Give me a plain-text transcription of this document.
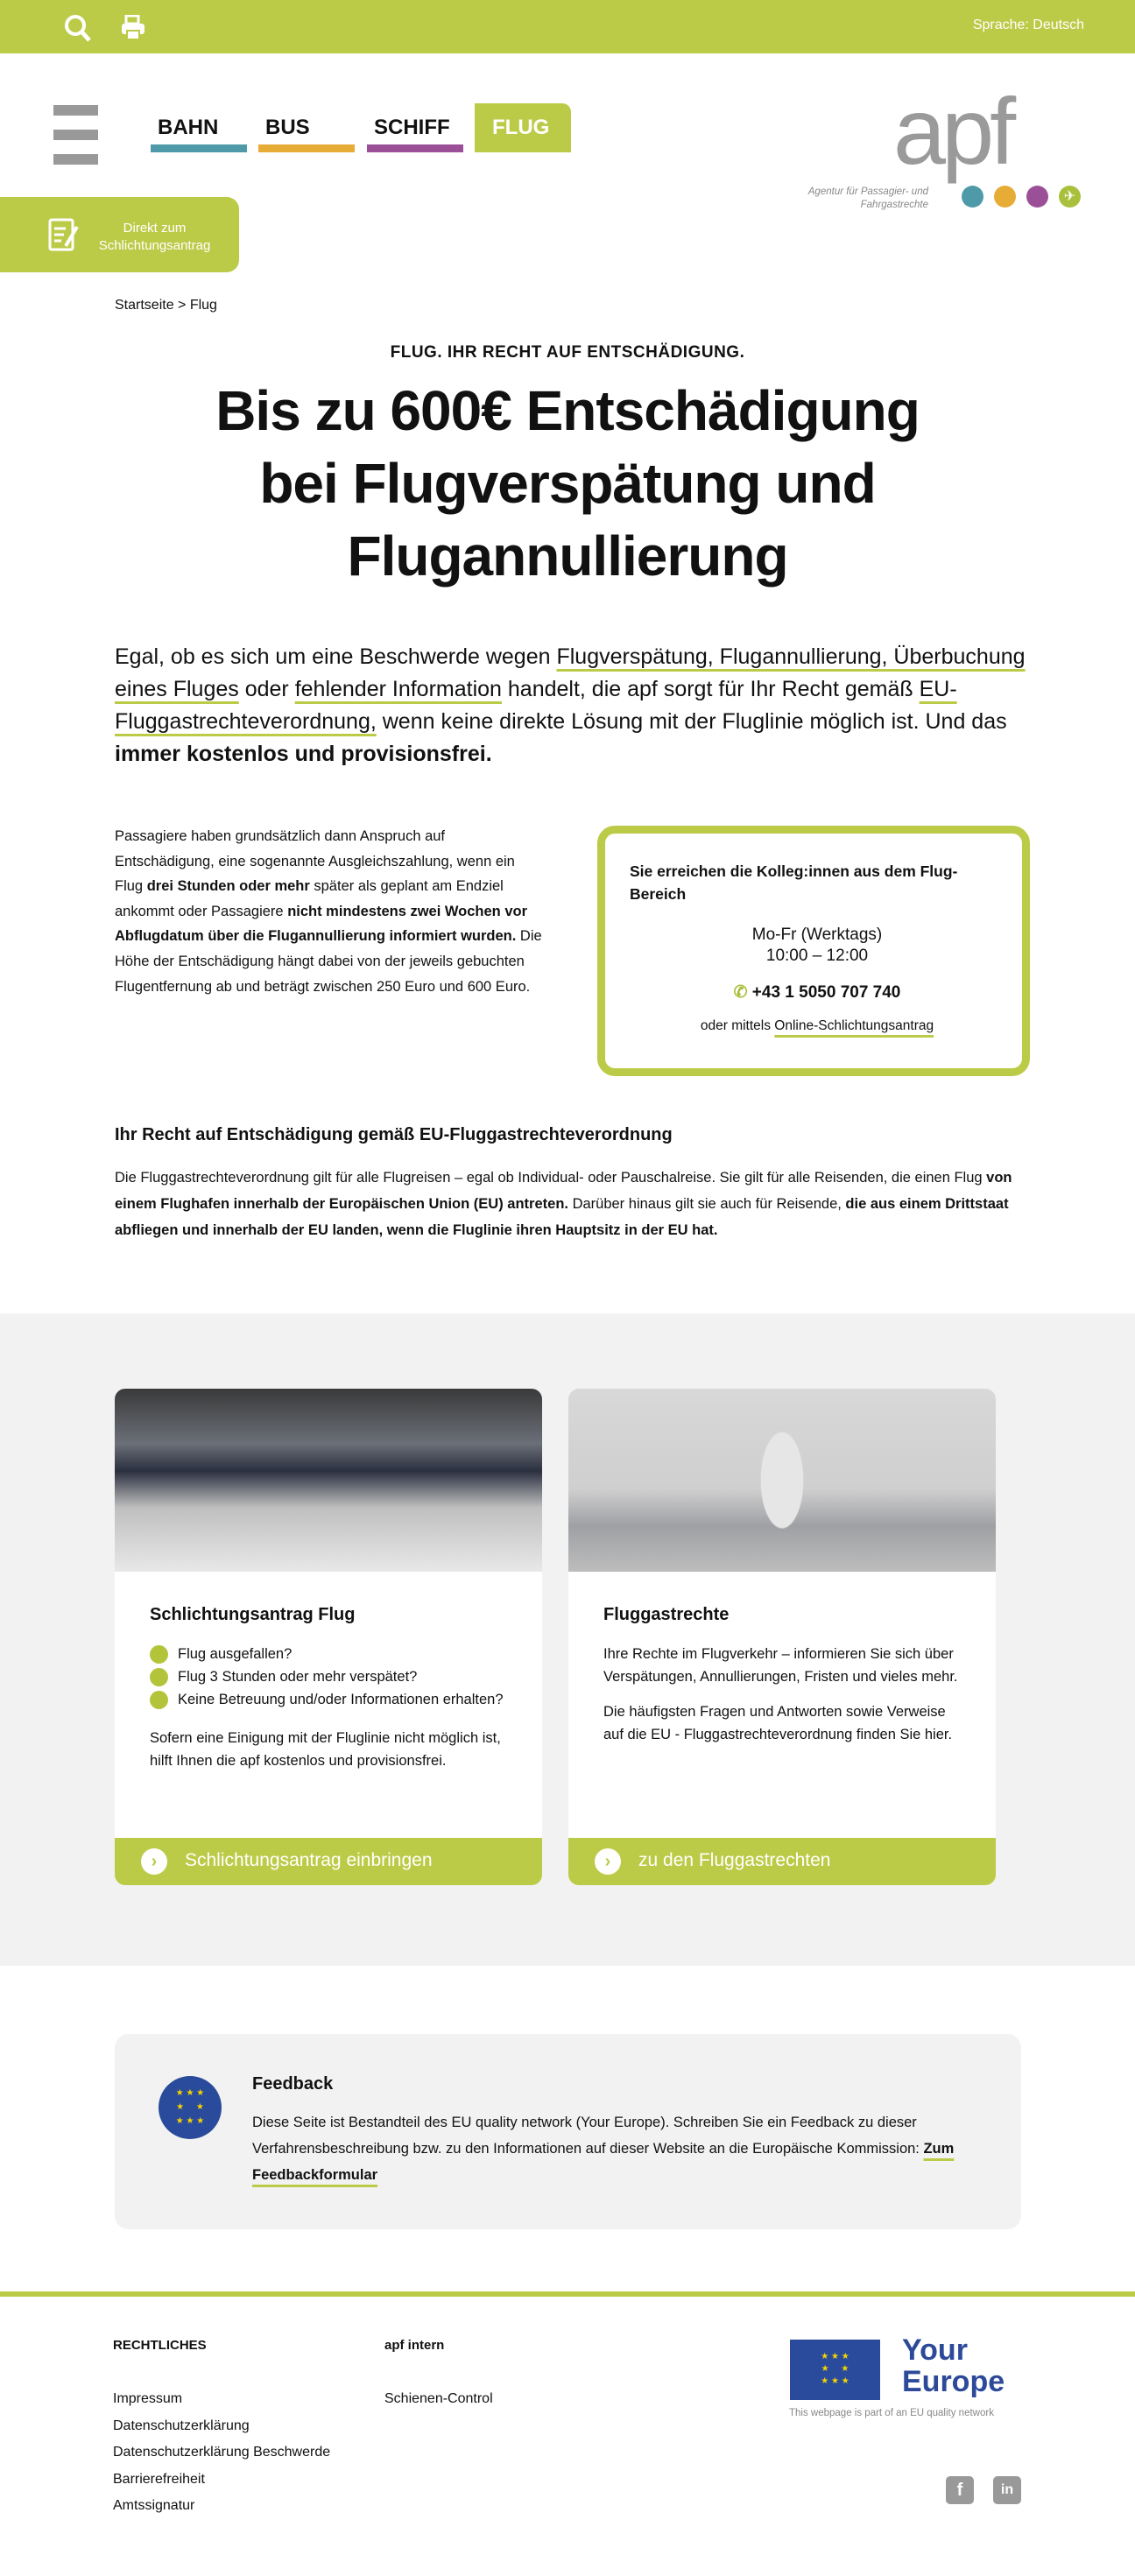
Sprache: Deutsch
BAHN	BUS	SCHIFF	FLUG
Direkt zum Schlichtungsantrag
apf
Agentur für Passagier- und Fahrgastrechte
✈
Startseite > Flug
FLUG. IHR RECHT AUF ENTSCHÄDIGUNG.
Bis zu 600€ Entschädigung
bei Flugverspätung und
Flugannullierung

Egal, ob es sich um eine Beschwerde wegen Flugverspätung, Flugannullierung, Überbuchung eines Fluges oder fehlender Information handelt, die apf sorgt für Ihr Recht gemäß EU-Fluggastrechteverordnung, wenn keine direkte Lösung mit der Fluglinie möglich ist. Und das immer kostenlos und provisionsfrei.

Passagiere haben grundsätzlich dann Anspruch auf Entschädigung, eine sogenannte Ausgleichszahlung, wenn ein Flug drei Stunden oder mehr später als geplant am Endziel ankommt oder Passagiere nicht mindestens zwei Wochen vor Abflugdatum über die Flugannullierung informiert wurden. Die Höhe der Entschädigung hängt dabei von der jeweils gebuchten Flugentfernung ab und beträgt zwischen 250 Euro und 600 Euro.

Sie erreichen die Kolleg:innen aus dem Flug-Bereich
Mo-Fr (Werktags)
10:00 – 12:00
✆ +43 1 5050 707 740
oder mittels Online-Schlichtungsantrag
Ihr Recht auf Entschädigung gemäß EU-Fluggastrechteverordnung

Die Fluggastrechteverordnung gilt für alle Flugreisen – egal ob Individual- oder Pauschalreise. Sie gilt für alle Reisenden, die einen Flug von einem Flughafen innerhalb der Europäischen Union (EU) antreten. Darüber hinaus gilt sie auch für Reisende, die aus einem Drittstaat abfliegen und innerhalb der EU landen, wenn die Fluglinie ihren Hauptsitz in der EU hat.

Schlichtungsantrag Flug
Flug ausgefallen?
Flug 3 Stunden oder mehr verspätet?
Keine Betreuung und/oder Informationen erhalten?

Sofern eine Einigung mit der Fluglinie nicht möglich ist, hilft Ihnen die apf kostenlos und provisionsfrei.

›	Schlichtungsantrag einbringen
Fluggastrechte

Ihre Rechte im Flugverkehr – informieren Sie sich über Verspätungen, Annullierungen, Fristen und vieles mehr.

Die häufigsten Fragen und Antworten sowie Verweise auf die EU - Fluggastrechteverordnung finden Sie hier.

›	zu den Fluggastrechten
★ ★ ★
★     ★
★ ★ ★
Feedback

Diese Seite ist Bestandteil des EU quality network (Your Europe). Schreiben Sie ein Feedback zu dieser Verfahrensbeschreibung bzw. zu den Informationen auf dieser Website an die Europäische Kommission: Zum Feedbackformular

RECHTLICHES	apf intern
Impressum
Datenschutzerklärung
Datenschutzerklärung Beschwerde
Barrierefreiheit
Amtssignatur
Schienen-Control
★ ★ ★
★     ★
★ ★ ★
Your Europe
This webpage is part of an EU quality network
f	in
